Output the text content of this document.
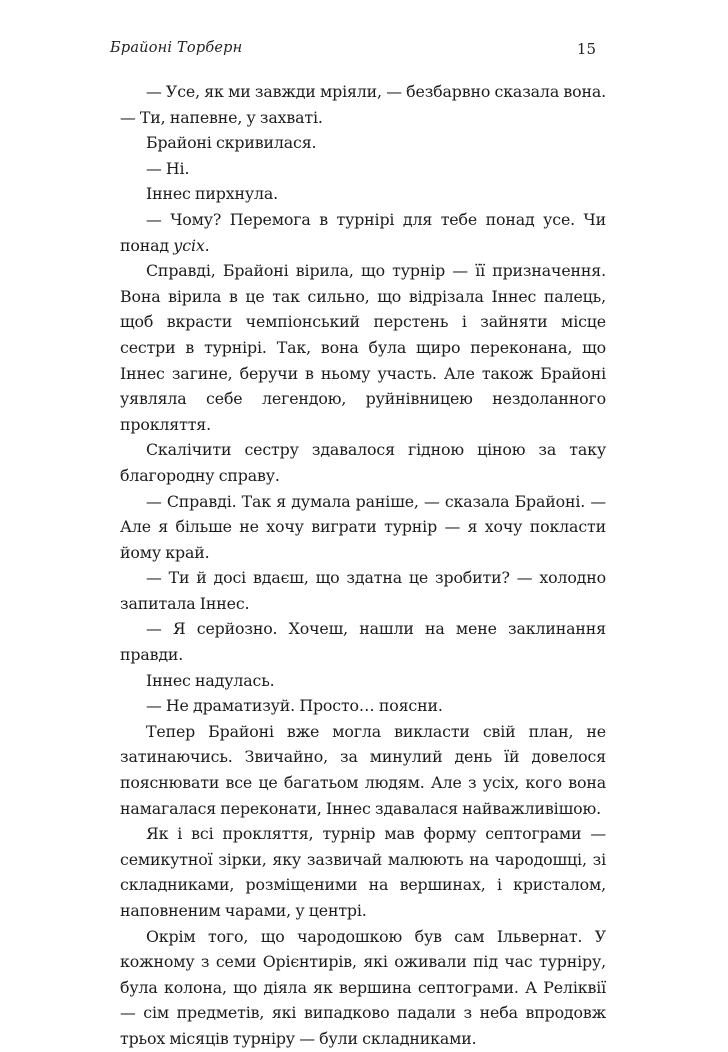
Брайоні Торберн	15

— Усе, як ми завжди мріяли, — безбарвно сказала вона. — Ти, напевне, у захваті.

Брайоні скривилася.

— Ні.

Іннес пирхнула.

— Чому? Перемога в турнірі для тебе понад усе. Чи понад усіх.

Справді, Брайоні вірила, що турнір — її призначення. Вона вірила в це так сильно, що відрізала Іннес палець, щоб вкрасти чемпіонський перстень і зайняти місце сестри в турнірі. Так, вона була щиро переконана, що Іннес загине, беручи в ньому участь. Але також Брайоні уявляла себе легендою, руйнівницею нездоланного прокляття.

Скалічити сестру здавалося гідною ціною за таку благородну справу.

— Справді. Так я думала раніше, — сказала Брайоні. — Але я більше не хочу виграти турнір — я хочу покласти йому край.

— Ти й досі вдаєш, що здатна це зробити? — холодно запитала Іннес.

— Я серйозно. Хочеш, нашли на мене заклинання правди.

Іннес надулась.

— Не драматизуй. Просто… поясни.

Тепер Брайоні вже могла викласти свій план, не затинаючись. Звичайно, за минулий день їй довелося пояснювати все це багатьом людям. Але з усіх, кого вона намагалася переконати, Іннес здавалася найважливішою.

Як і всі прокляття, турнір мав форму септограми — семикутної зірки, яку зазвичай малюють на чародошці, зі складниками, розміщеними на вершинах, і кристалом, наповненим чарами, у центрі.

Окрім того, що чародошкою був сам Ільвернат. У кожному з семи Орієнтирів, які оживали під час турніру, була колона, що діяла як вершина септограми. А Реліквії — сім предметів, які випадково падали з неба впродовж трьох місяців турніру — були складниками.
